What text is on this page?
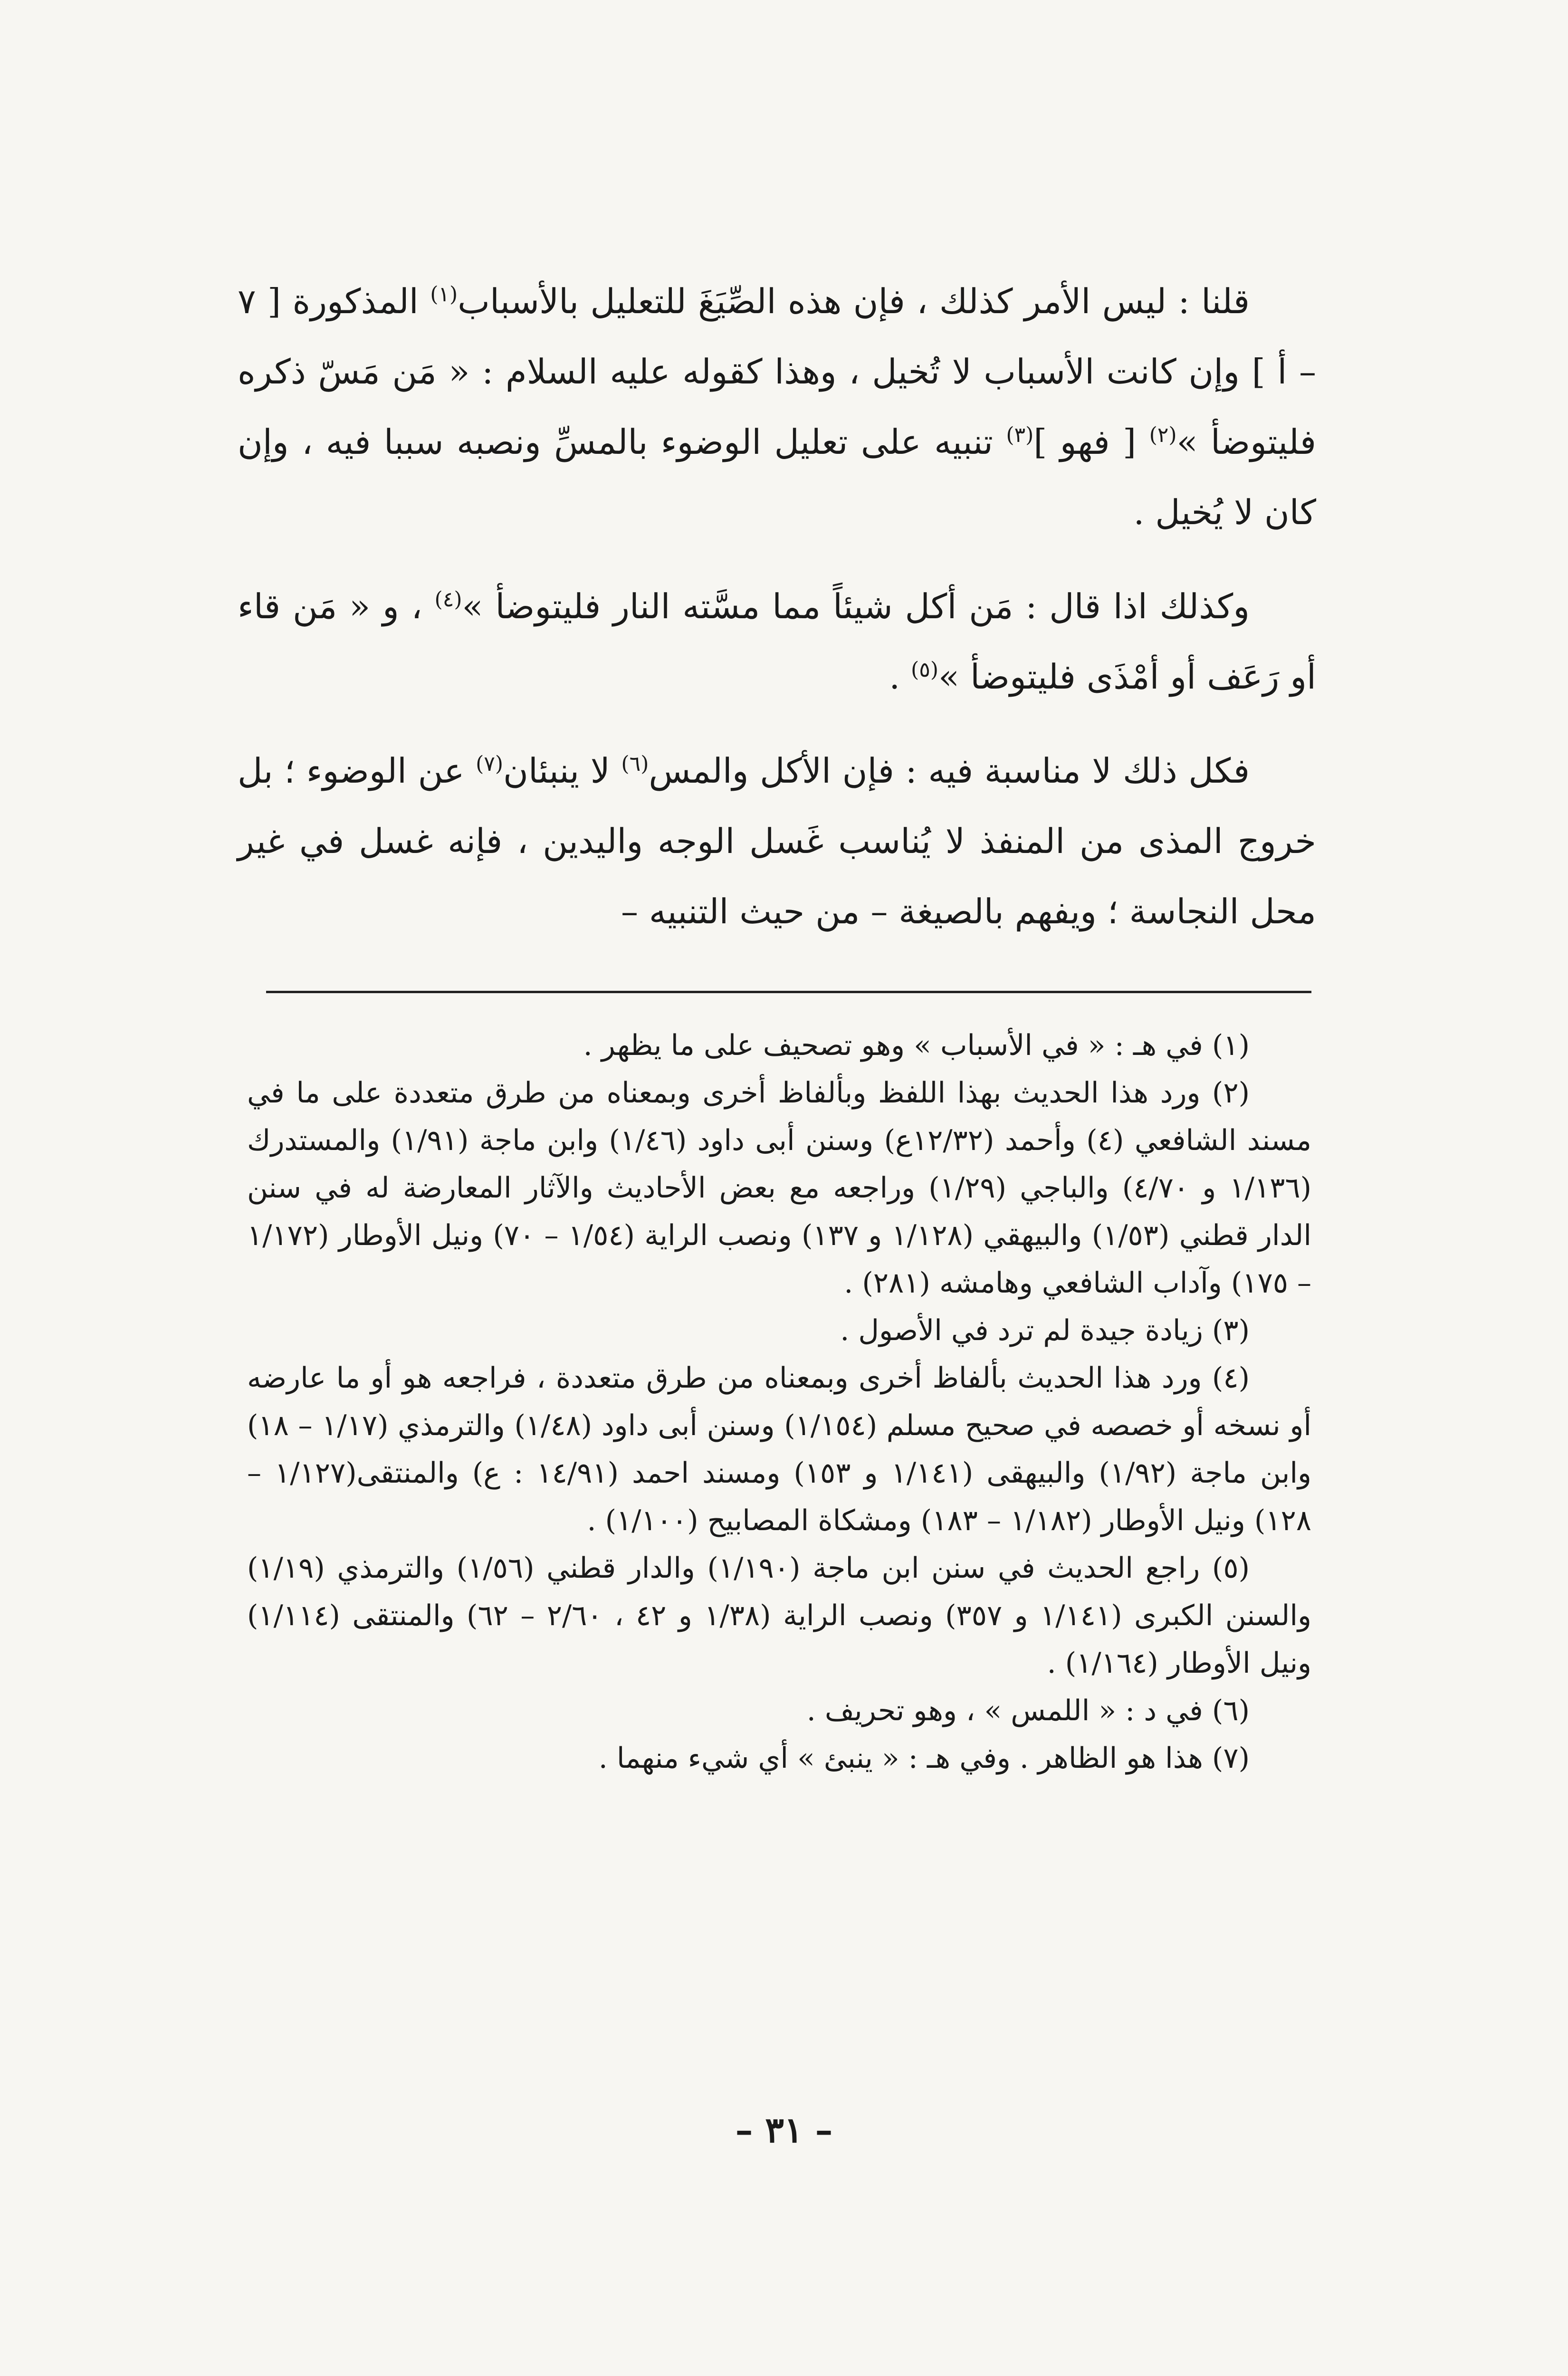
قلنا : ليس الأمر كذلك ، فإن هذه الصِّيَغَ للتعليل بالأسباب$^{(١)}$ المذكورة [ ٧ – أ ] وإن كانت الأسباب لا تُخيل ، وهذا كقوله عليه السلام : « مَن مَسّ ذكره فليتوضأ »$^{(٢)}$ [ فهو ]$^{(٣)}$ تنبيه على تعليل الوضوء بالمسِّ ونصبه سببا فيه ، وإن كان لا يُخيل .

وكذلك اذا قال : مَن أكل شيئاً مما مسَّته النار فليتوضأ »$^{(٤)}$ ، و « مَن قاء أو رَعَف أو أمْذَى فليتوضأ »$^{(٥)}$ .

فكل ذلك لا مناسبة فيه : فإن الأكل والمس$^{(٦)}$ لا ينبئان$^{(٧)}$ عن الوضوء ؛ بل خروج المذى من المنفذ لا يُناسب غَسل الوجه واليدين ، فإنه غسل في غير محل النجاسة ؛ ويفهم بالصيغة – من حيث التنبيه –

(١) في هـ : « في الأسباب » وهو تصحيف على ما يظهر .

(٢) ورد هذا الحديث بهذا اللفظ وبألفاظ أخرى وبمعناه من طرق متعددة على ما في مسند الشافعي (٤) وأحمد (١٢/٣٢ع) وسنن أبى داود (١/٤٦) وابن ماجة (١/٩١) والمستدرك (١/١٣٦ و ٤/٧٠) والباجي (١/٢٩) وراجعه مع بعض الأحاديث والآثار المعارضة له في سنن الدار قطني (١/٥٣) والبيهقي (١/١٢٨ و ١٣٧) ونصب الراية (١/٥٤ – ٧٠) ونيل الأوطار (١/١٧٢ – ١٧٥) وآداب الشافعي وهامشه (٢٨١) .

(٣) زيادة جيدة لم ترد في الأصول .

(٤) ورد هذا الحديث بألفاظ أخرى وبمعناه من طرق متعددة ، فراجعه هو أو ما عارضه أو نسخه أو خصصه في صحيح مسلم (١/١٥٤) وسنن أبى داود (١/٤٨) والترمذي (١/١٧ – ١٨) وابن ماجة (١/٩٢) والبيهقى (١/١٤١ و ١٥٣) ومسند احمد (١٤/٩١ : ع) والمنتقى(١/١٢٧ – ١٢٨) ونيل الأوطار (١/١٨٢ – ١٨٣) ومشكاة المصابيح (١/١٠٠) .

(٥) راجع الحديث في سنن ابن ماجة (١/١٩٠) والدار قطني (١/٥٦) والترمذي (١/١٩) والسنن الكبرى (١/١٤١ و ٣٥٧) ونصب الراية (١/٣٨ و ٤٢ ، ٢/٦٠ – ٦٢) والمنتقى (١/١١٤) ونيل الأوطار (١/١٦٤) .

(٦) في د : « اللمس » ، وهو تحريف .

(٧) هذا هو الظاهر . وفي هـ : « ينبئ » أي شيء منهما .

– ٣١ –
